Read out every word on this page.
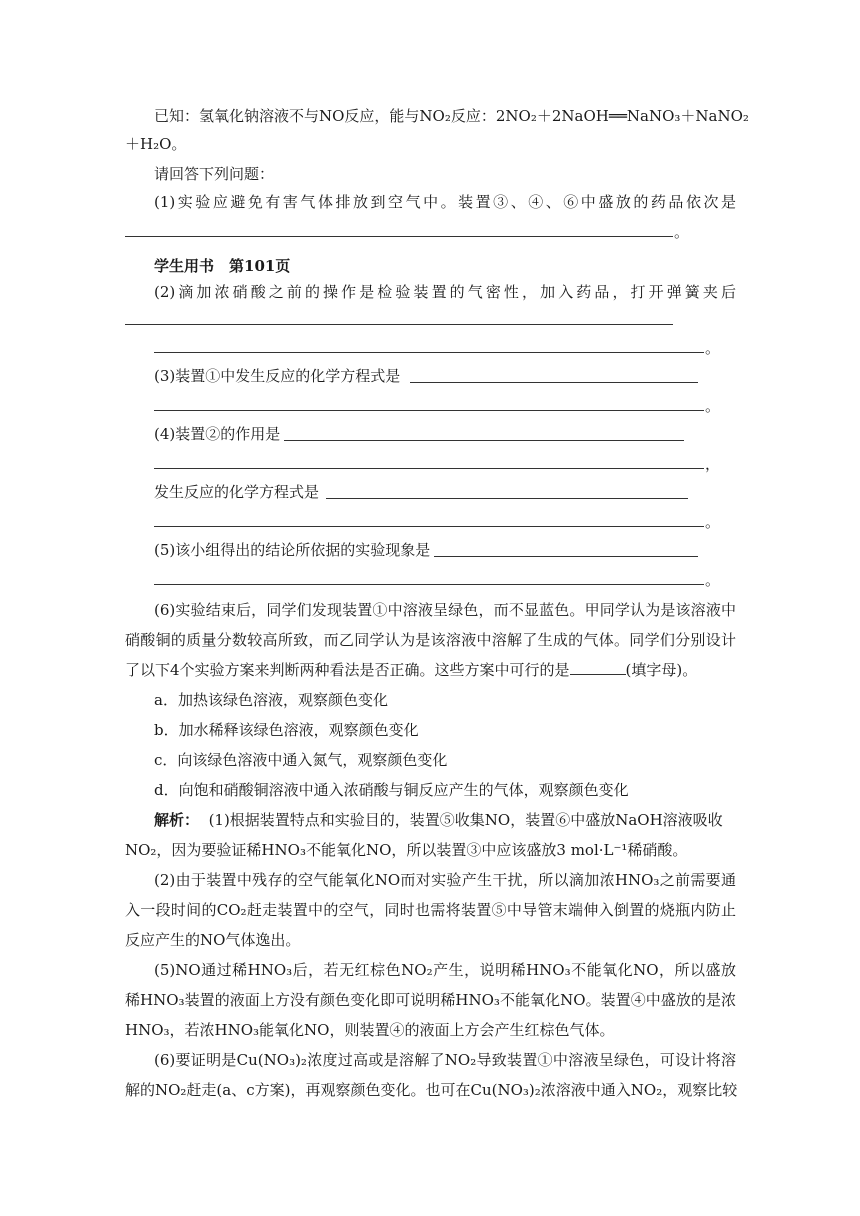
已知：氢氧化钠溶液不与NO反应，能与NO₂反应：2NO₂＋2NaOH══NaNO₃＋NaNO₂
＋H₂O。
请回答下列问题：
(1)实验应避免有害气体排放到空气中。装置③、④、⑥中盛放的药品依次是
。
学生用书　第101页
(2)滴加浓硝酸之前的操作是检验装置的气密性，加入药品，打开弹簧夹后
。
(3)装置①中发生反应的化学方程式是
。
(4)装置②的作用是
，
发生反应的化学方程式是
。
(5)该小组得出的结论所依据的实验现象是
。
(6)实验结束后，同学们发现装置①中溶液呈绿色，而不显蓝色。甲同学认为是该溶液中
硝酸铜的质量分数较高所致，而乙同学认为是该溶液中溶解了生成的气体。同学们分别设计
了以下4个实验方案来判断两种看法是否正确。这些方案中可行的是	(填字母)。
a．加热该绿色溶液，观察颜色变化
b．加水稀释该绿色溶液，观察颜色变化
c．向该绿色溶液中通入氮气，观察颜色变化
d．向饱和硝酸铜溶液中通入浓硝酸与铜反应产生的气体，观察颜色变化
解析： (1)根据装置特点和实验目的，装置⑤收集NO，装置⑥中盛放NaOH溶液吸收
NO₂，因为要验证稀HNO₃不能氧化NO，所以装置③中应该盛放3 mol·L⁻¹稀硝酸。
(2)由于装置中残存的空气能氧化NO而对实验产生干扰，所以滴加浓HNO₃之前需要通
入一段时间的CO₂赶走装置中的空气，同时也需将装置⑤中导管末端伸入倒置的烧瓶内防止
反应产生的NO气体逸出。
(5)NO通过稀HNO₃后，若无红棕色NO₂产生，说明稀HNO₃不能氧化NO，所以盛放
稀HNO₃装置的液面上方没有颜色变化即可说明稀HNO₃不能氧化NO。装置④中盛放的是浓
HNO₃，若浓HNO₃能氧化NO，则装置④的液面上方会产生红棕色气体。
(6)要证明是Cu(NO₃)₂浓度过高或是溶解了NO₂导致装置①中溶液呈绿色，可设计将溶
解的NO₂赶走(a、c方案)，再观察颜色变化。也可在Cu(NO₃)₂浓溶液中通入NO₂，观察比较
